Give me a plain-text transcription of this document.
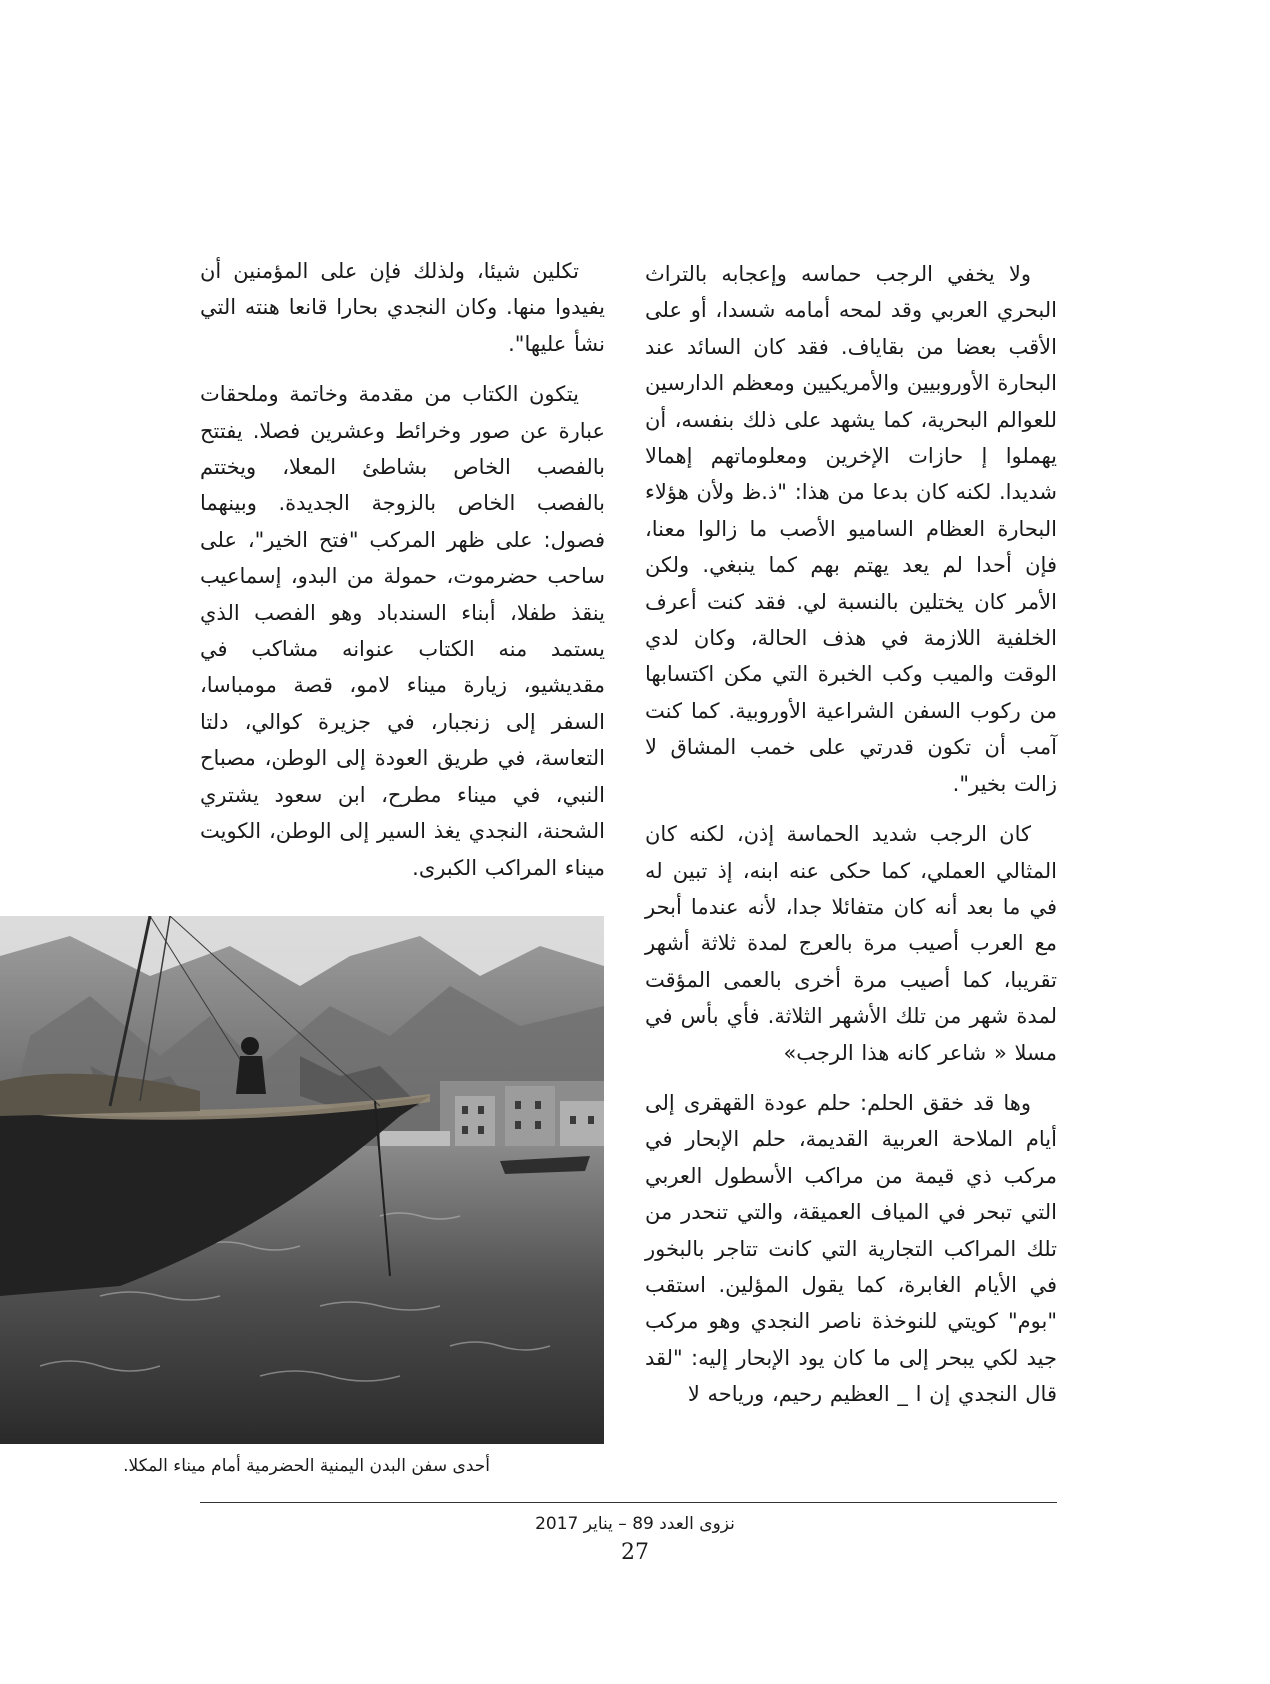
ولا يخفي الرجب حماسه وإعجابه بالتراث البحري العربي وقد لمحه أمامه شسدا، أو على الأقب بعضا من بقاياف. فقد كان السائد عند البحارة الأوروبيين والأمريكيين ومعظم الدارسين للعوالم البحرية، كما يشهد على ذلك بنفسه، أن يهملوا إ حازات الإخرين ومعلوماتهم إهمالا شديدا. لكنه كان بدعا من هذا: "ذ.ظ ولأن هؤلاء البحارة العظام الساميو الأصب ما زالوا معنا، فإن أحدا لم يعد يهتم بهم كما ينبغي. ولكن الأمر كان يختلين بالنسبة لي. فقد كنت أعرف الخلفية اللازمة في هذف الحالة، وكان لدي الوقت والميب وكب الخبرة التي مكن اكتسابها من ركوب السفن الشراعية الأوروبية. كما كنت آمب أن تكون قدرتي على خمب المشاق لا زالت بخير".

كان الرجب شديد الحماسة إذن، لكنه كان المثالي العملي، كما حكى عنه ابنه، إذ تبين له في ما بعد أنه كان متفائلا جدا، لأنه عندما أبحر مع العرب أصيب مرة بالعرج لمدة ثلاثة أشهر تقريبا، كما أصيب مرة أخرى بالعمى المؤقت لمدة شهر من تلك الأشهر الثلاثة. فأي بأس في مسلا « شاعر كانه هذا الرجب»

وها قد خقق الحلم: حلم عودة القهقرى إلى أيام الملاحة العربية القديمة، حلم الإبحار في مركب ذي قيمة من مراكب الأسطول العربي التي تبحر في المياف العميقة، والتي تنحدر من تلك المراكب التجارية التي كانت تتاجر بالبخور في الأيام الغابرة، كما يقول المؤلين. استقب "بوم" كويتي للنوخذة ناصر النجدي وهو مركب جيد لكي يبحر إلى ما كان يود الإبحار إليه: "لقد قال النجدي إن ا _ العظيم رحيم، ورياحه لا

تكلين شيئا، ولذلك فإن على المؤمنين أن يفيدوا منها. وكان النجدي بحارا قانعا هنته التي نشأ عليها".

يتكون الكتاب من مقدمة وخاتمة وملحقات عبارة عن صور وخرائط وعشرين فصلا. يفتتح بالفصب الخاص بشاطئ المعلا، ويختتم بالفصب الخاص بالزوجة الجديدة. وبينهما فصول: على ظهر المركب "فتح الخير"، على ساحب حضرموت، حمولة من البدو، إسماعيب ينقذ طفلا، أبناء السندباد وهو الفصب الذي يستمد منه الكتاب عنوانه مشاكب في مقديشيو، زيارة ميناء لامو، قصة مومباسا، السفر إلى زنجبار، في جزيرة كوالي، دلتا التعاسة، في طريق العودة إلى الوطن، مصباح النبي، في ميناء مطرح، ابن سعود يشتري الشحنة، النجدي يغذ السير إلى الوطن، الكويت ميناء المراكب الكبرى.

أحدى سفن البدن اليمنية الحضرمية أمام ميناء المكلا.
نزوى العدد 89 – يناير 2017
27
